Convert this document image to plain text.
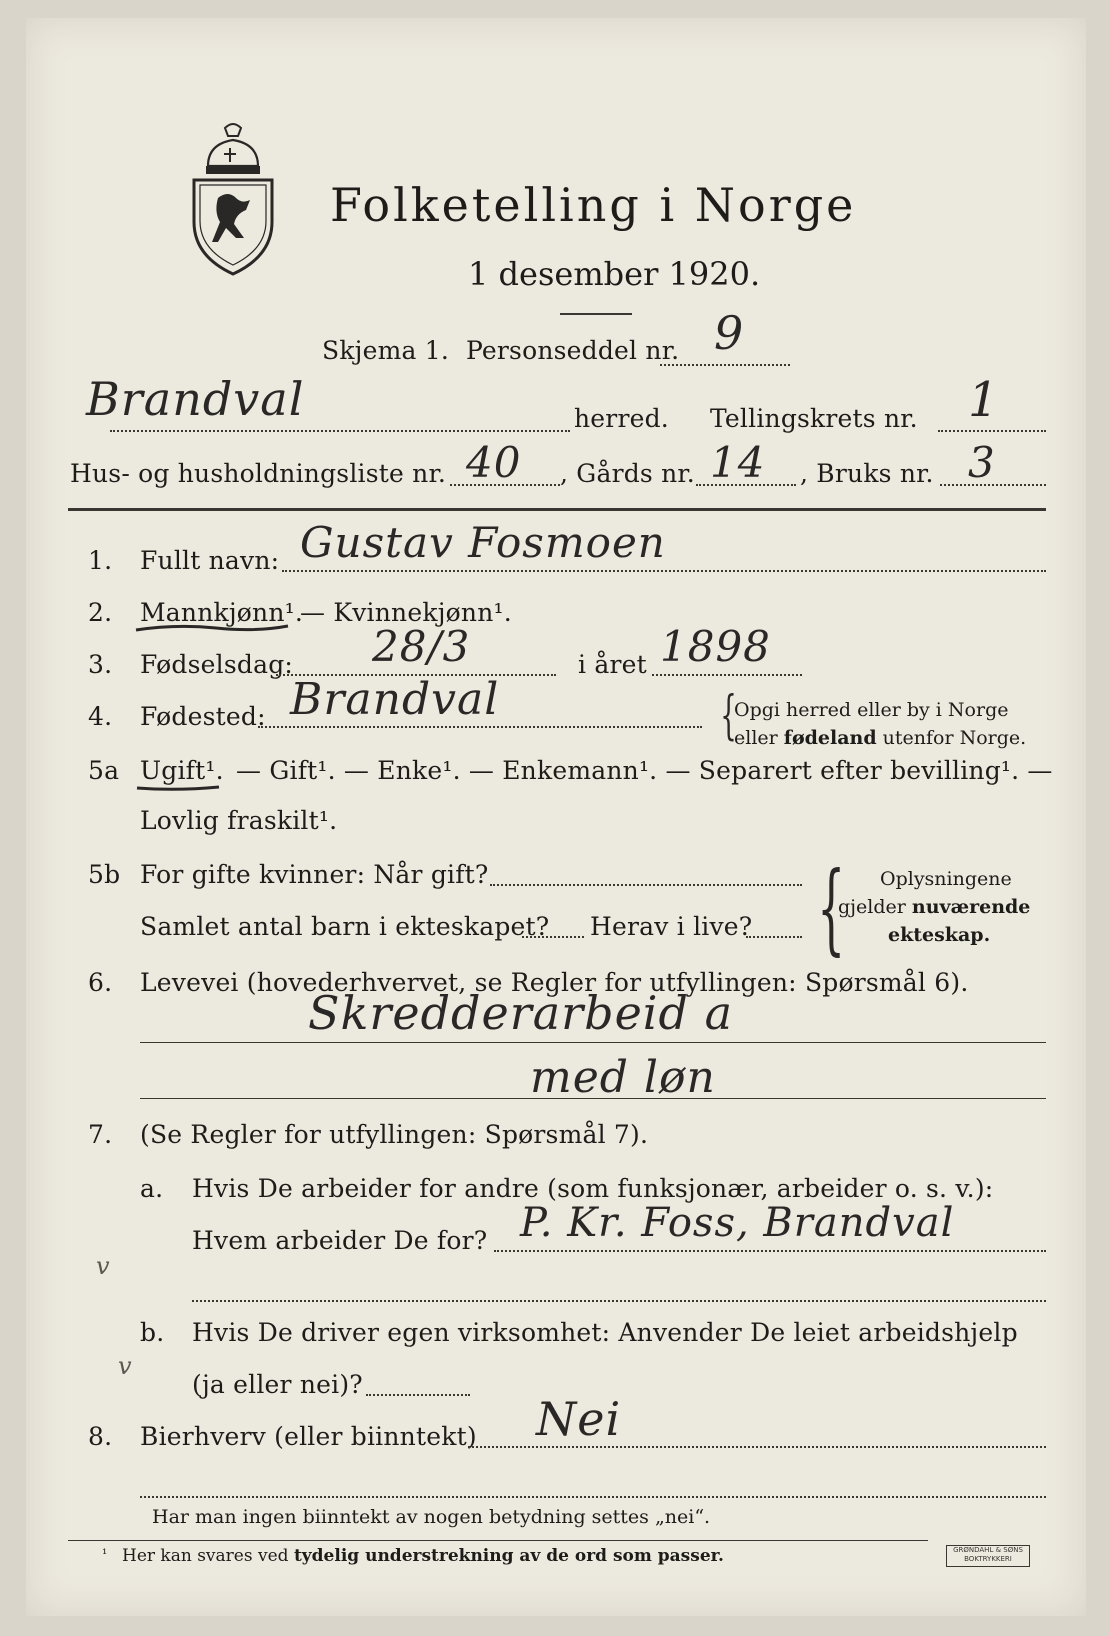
Folketelling i Norge
1 desember 1920.
Skjema 1. Personseddel nr. 9
Brandval	herred. Tellingskrets nr. 1
Hus- og husholdningsliste nr. 40 , Gårds nr. 14 , Bruks nr. 3
1. Fullt navn: Gustav Fosmoen
2. Mannkjønn¹.
— Kvinnekjønn¹.
3. Fødselsdag: 28/3	i året 1898
4. Fødested: Brandval	{
Opgi herred eller by i Norge
eller fødeland utenfor Norge.
5a Ugift¹. — Gift¹. — Enke¹. — Enkemann¹. — Separert efter bevilling¹. —
Lovlig fraskilt¹.
5b For gifte kvinner: Når gift?
Samlet antal barn i ekteskapet? Herav i live? { Oplysningene
gjelder nuværende
ekteskap.
6. Levevei (hovederhvervet, se Regler for utfyllingen: Spørsmål 6).
Skredderarbeid a
med løn
7. (Se Regler for utfyllingen: Spørsmål 7).
a. Hvis De arbeider for andre (som funksjonær, arbeider o. s. v.):
Hvem arbeider De for? P. Kr. Foss, Brandval
b. Hvis De driver egen virksomhet: Anvender De leiet arbeidshjelp
(ja eller nei)?
8. Bierhverv (eller biinntekt) Nei
Har man ingen biinntekt av nogen betydning settes „nei“.
¹ Her kan svares ved tydelig understrekning av de ord som passer.	GRØNDAHL & SØNS BOKTRYKKERI
v
v
